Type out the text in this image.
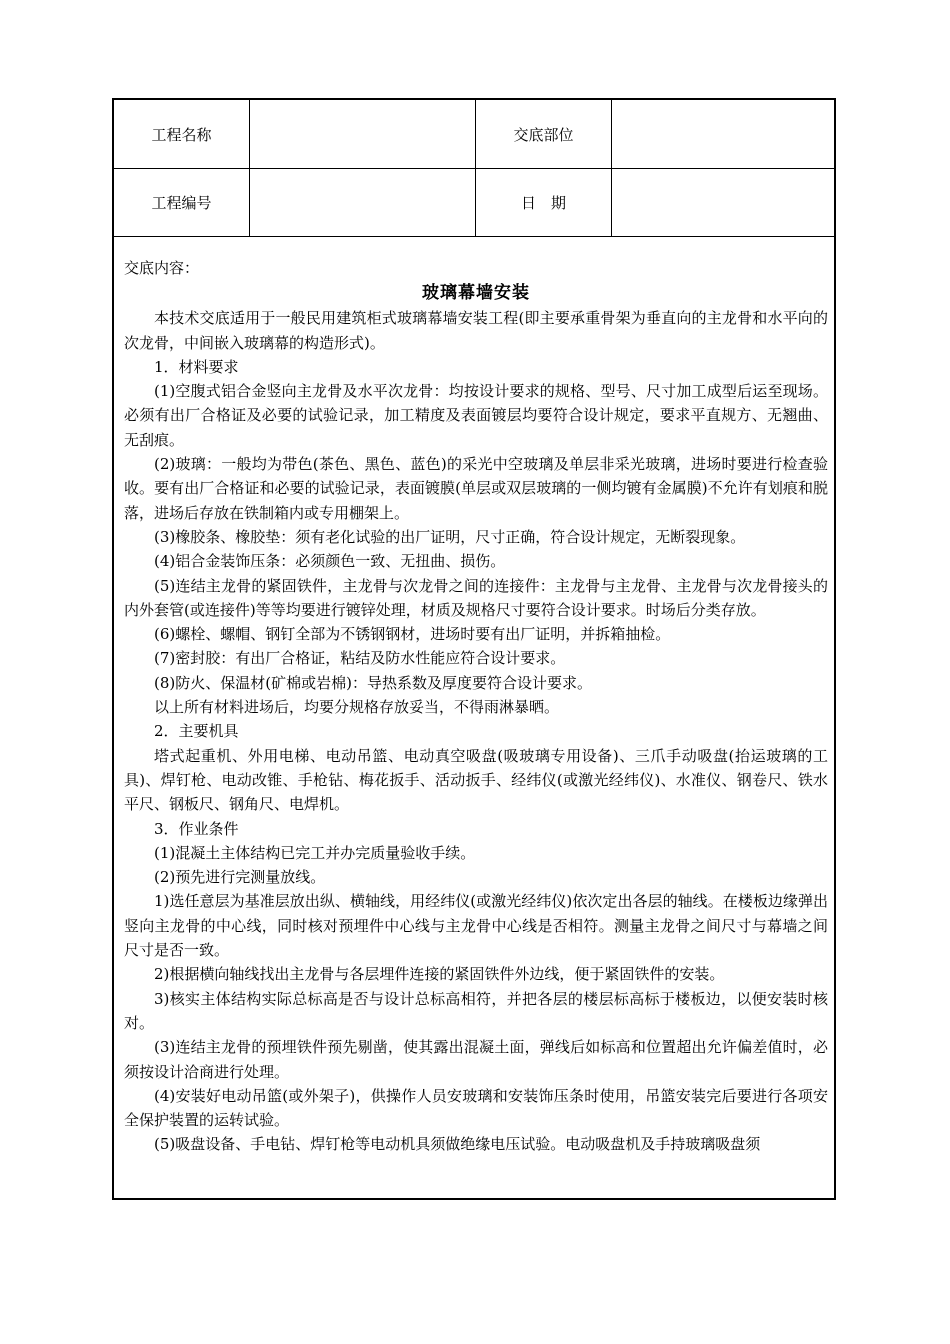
工程名称	交底部位
工程编号	日　期

交底内容：

玻璃幕墙安装

本技术交底适用于一般民用建筑柜式玻璃幕墙安装工程(即主要承重骨架为垂直向的主龙骨和水平向的次龙骨，中间嵌入玻璃幕的构造形式)。

1．材料要求

(1)空腹式铝合金竖向主龙骨及水平次龙骨：均按设计要求的规格、型号、尺寸加工成型后运至现场。必须有出厂合格证及必要的试验记录，加工精度及表面镀层均要符合设计规定，要求平直规方、无翘曲、无刮痕。

(2)玻璃：一般均为带色(茶色、黑色、蓝色)的采光中空玻璃及单层非采光玻璃，进场时要进行检查验收。要有出厂合格证和必要的试验记录，表面镀膜(单层或双层玻璃的一侧均镀有金属膜)不允许有划痕和脱落，进场后存放在铁制箱内或专用棚架上。

(3)橡胶条、橡胶垫：须有老化试验的出厂证明，尺寸正确，符合设计规定，无断裂现象。

(4)铝合金装饰压条：必须颜色一致、无扭曲、损伤。

(5)连结主龙骨的紧固铁件，主龙骨与次龙骨之间的连接件：主龙骨与主龙骨、主龙骨与次龙骨接头的内外套管(或连接件)等等均要进行镀锌处理，材质及规格尺寸要符合设计要求。时场后分类存放。

(6)螺栓、螺帽、钢钉全部为不锈钢钢材，进场时要有出厂证明，并拆箱抽检。

(7)密封胶：有出厂合格证，粘结及防水性能应符合设计要求。

(8)防火、保温材(矿棉或岩棉)：导热系数及厚度要符合设计要求。

以上所有材料进场后，均要分规格存放妥当，不得雨淋暴晒。

2．主要机具

塔式起重机、外用电梯、电动吊篮、电动真空吸盘(吸玻璃专用设备)、三爪手动吸盘(抬运玻璃的工具)、焊钉枪、电动改锥、手枪钻、梅花扳手、活动扳手、经纬仪(或激光经纬仪)、水准仪、钢卷尺、铁水平尺、钢板尺、钢角尺、电焊机。

3．作业条件

(1)混凝土主体结构已完工并办完质量验收手续。

(2)预先进行完测量放线。

1)选任意层为基准层放出纵、横轴线，用经纬仪(或激光经纬仪)依次定出各层的轴线。在楼板边缘弹出竖向主龙骨的中心线，同时核对预埋件中心线与主龙骨中心线是否相符。测量主龙骨之间尺寸与幕墙之间尺寸是否一致。

2)根据横向轴线找出主龙骨与各层埋件连接的紧固铁件外边线，便于紧固铁件的安装。

3)核实主体结构实际总标高是否与设计总标高相符，并把各层的楼层标高标于楼板边，以便安装时核对。

(3)连结主龙骨的预埋铁件预先剔凿，使其露出混凝土面，弹线后如标高和位置超出允许偏差值时，必须按设计洽商进行处理。

(4)安装好电动吊篮(或外架子)，供操作人员安玻璃和安装饰压条时使用，吊篮安装完后要进行各项安全保护装置的运转试验。

(5)吸盘设备、手电钻、焊钉枪等电动机具须做绝缘电压试验。电动吸盘机及手持玻璃吸盘须
